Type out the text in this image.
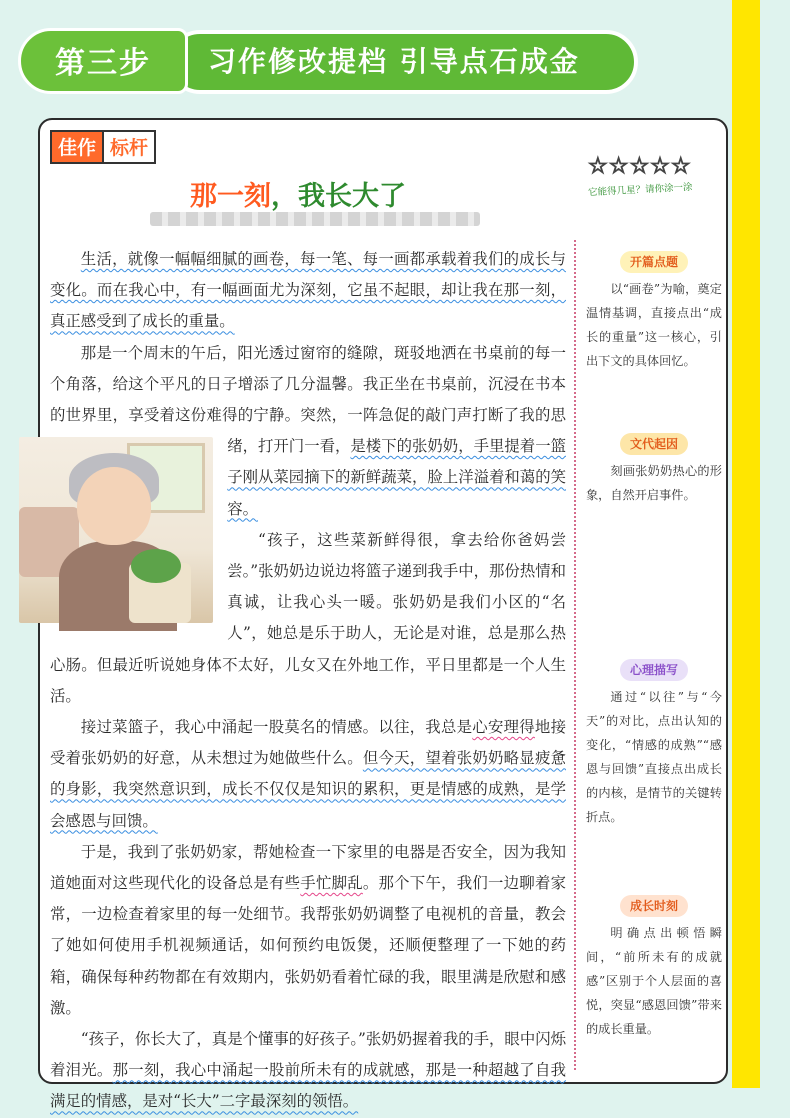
习作修改提档 引导点石成金
第三步
佳作 标杆
那一刻，我长大了
☆☆☆☆☆
它能得几星？请你涂一涂

生活，就像一幅幅细腻的画卷，每一笔、每一画都承载着我们的成长与变化。而在我心中，有一幅画面尤为深刻，它虽不起眼，却让我在那一刻，真正感受到了成长的重量。

那是一个周末的午后，阳光透过窗帘的缝隙，斑驳地洒在书桌前的每一个角落，给这个平凡的日子增添了几分温馨。我正坐在书桌前，沉浸在书本的世界里，享受着这份难得的宁静。突然，一阵急促的敲门声打断了我的思绪，打开门一看，
是楼下的张奶奶，手里提着一篮子刚从菜园摘下的新鲜蔬菜，脸上洋溢着和蔼的笑容。

“孩子，这些菜新鲜得很，拿去给你爸妈尝尝。”张奶奶边说边将篮子递到我手中，那份热情和真诚，让我心头一暖。张奶奶是我们小区的“名人”，她总是乐于助人，无论是对谁，总是那么热心肠。但最近听说她身体不太好，儿女又在外地工作，平日里都是一个人生活。

接过菜篮子，我心中涌起一股莫名的情感。以往，我总是心安理得地接受着张奶奶的好意，从未想过为她做些什么。但今天，望着张奶奶略显疲惫的身影，我突然意识到，成长不仅仅是知识的累积，更是情感的成熟，是学会感恩与回馈。

于是，我到了张奶奶家，帮她检查一下家里的电器是否安全，因为我知道她面对这些现代化的设备总是有些手忙脚乱。那个下午，我们一边聊着家常，一边检查着家里的每一处细节。我帮张奶奶调整了电视机的音量，教会了她如何使用手机视频通话，如何预约电饭煲，还顺便整理了一下她的药箱，确保每种药物都在有效期内，张奶奶看着忙碌的我，眼里满是欣慰和感激。

“孩子，你长大了，真是个懂事的好孩子。”张奶奶握着我的手，眼中闪烁着泪光。那一刻，我心中涌起一股前所未有的成就感，那是一种超越了自我满足的情感，是对“长大”二字最深刻的领悟。

开篇点题
以“画卷”为喻，奠定温情基调，直接点出“成长的重量”这一核心，引出下文的具体回忆。
文代起因
刻画张奶奶热心的形象，自然开启事件。
心理描写
通过“以往”与“今天”的对比，点出认知的变化，“情感的成熟”“感恩与回馈”直接点出成长的内核，是情节的关键转折点。
成长时刻
明确点出顿悟瞬间，“前所未有的成就感”区别于个人层面的喜悦，突显“感恩回馈”带来的成长重量。
